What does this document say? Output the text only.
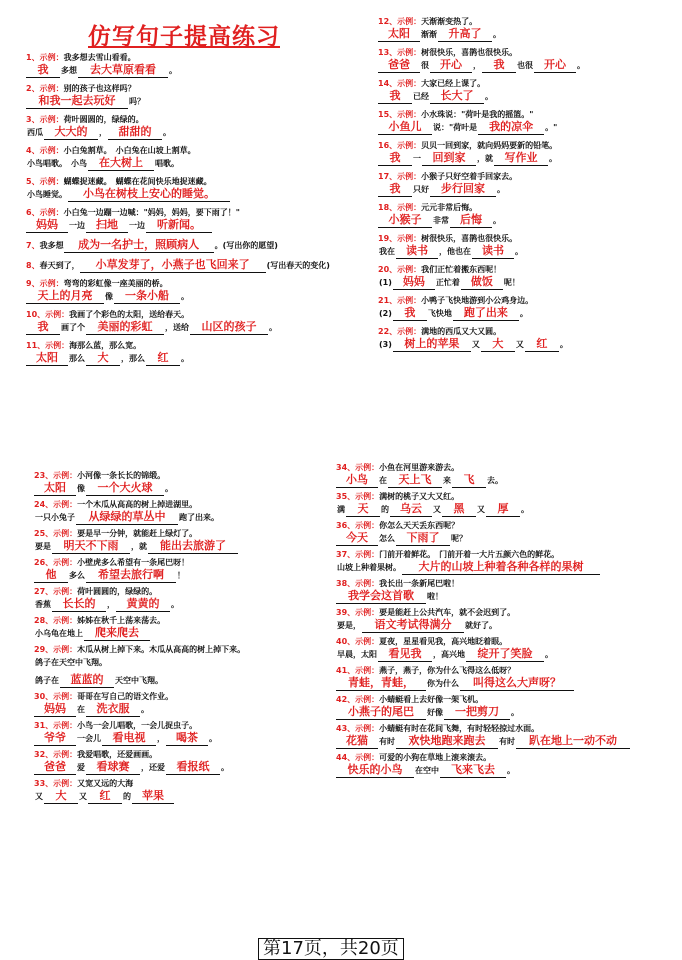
仿写句子提高练习
1、示例：我多想去雪山看看。
我 多想 去大草原看看 。
2、示例：别的孩子也这样吗？
和我一起去玩好 吗？
3、示例：荷叶圆圆的，绿绿的。
西瓜 大大的 ， 甜甜的 。
4、示例：小白兔割草。　小白兔在山坡上割草。
小鸟唱歌。　小鸟 在大树上 唱歌。
5、示例：蝴蝶捉迷藏。　蝴蝶在花间快乐地捉迷藏。
小鸟睡觉。 小鸟在树枝上安心的睡觉。
6、示例：小白兔一边蹦一边喊："妈妈，妈妈，要下雨了！"
妈妈 一边 扫地 一边 听新闻。
7、我多想 成为一名护士，照顾病人 。(写出你的愿望)
8、春天到了， 小草发芽了，小燕子也飞回来了 (写出春天的变化)
9、示例：弯弯的彩虹像一座美丽的桥。
天上的月亮 像 一条小船 。
10、示例：我画了个彩色的太阳，送给春天。
我 画了个 美丽的彩虹 ，送给 山区的孩子 。
11、示例：海那么蓝，那么宽。
太阳 那么 大 ，那么 红 。
12、示例：天渐渐变热了。
太阳 渐渐 升高了 。
13、示例：树很快乐，喜鹊也很快乐。
爸爸 很 开心 ， 我 也很 开心 。
14、示例：大家已经上课了。
我 已经 长大了 。
15、示例：小水珠说："荷叶是我的摇篮。"
小鱼儿 说："荷叶是 我的凉伞 。"
16、示例：贝贝一回到家，就向妈妈要新的铅笔。
我 一 回到家 ，就 写作业 。
17、示例：小猴子只好空着手回家去。
我 只好 步行回家 。
18、示例：元元非常后悔。
小猴子 非常 后悔 。
19、示例：树很快乐，喜鹊也很快乐。
我在 读书 ，他也在 读书 。
20、示例：我们正忙着搬东西呢！
(1) 妈妈 正忙着 做饭 呢！
21、示例：小鸭子飞快地游到小公鸡身边。
(2) 我 飞快地 跑了出来 。
22、示例：满地的西瓜又大又圆。
(3) 树上的苹果 又 大 又 红 。
23、示例：小河像一条长长的锦缎。
太阳 像 一个大火球 。
24、示例：一个木瓜从高高的树上掉进湖里。
一只小兔子 从绿绿的草丛中 跑了出来。
25、示例：要是早一分钟，就能赶上绿灯了。
要是 明天不下雨 ，就 能出去旅游了
26、示例：小壁虎多么希望有一条尾巴呀！
他 多么 希望去旅行啊 ！
27、示例：荷叶圆圆的，绿绿的。
香蕉 长长的 ， 黄黄的 。
28、示例：姊姊在秋千上荡来荡去。
小乌龟在地上 爬来爬去
29、示例：木瓜从树上掉下来。木瓜从高高的树上掉下来。
鸽子在天空中飞翔。
鸽子在 蓝蓝的 天空中飞翔。
30、示例：哥哥在写自己的语文作业。
妈妈 在 洗衣服 。
31、示例：小鸟一会儿唱歌，一会儿捉虫子。
爷爷 一会儿 看电视 ， 喝茶 。
32、示例：我爱唱歌，还爱画画。
爸爸 爱 看球赛 ，还爱 看报纸 。
33、示例：又宽又远的大海
又 大 又 红 的 苹果
34、示例：小鱼在河里游来游去。
小鸟 在 天上飞 来 飞 去。
35、示例：满树的桃子又大又红。
满 天 的 乌云 又 黑 又 厚 。
36、示例：你怎么天天丢东西呢？
今天 怎么 下雨了 呢？
37、示例：门前开着鲜花。　门前开着一大片五颜六色的鲜花。
山坡上种着果树。 大片的山坡上种着各种各样的果树
38、示例：我长出一条新尾巴啦！
我学会这首歌 啦！
39、示例：要是能赶上公共汽车，就不会迟到了。
要是， 语文考试得满分 就好了。
40、示例：夏夜，星星看见我，高兴地眨着眼。
早晨，太阳 看见我 ，高兴地 绽开了笑脸 。
41、示例：燕子，燕子，你为什么飞得这么低呀？
青蛙，青蛙， 你为什么 叫得这么大声呀？
42、示例：小蜻蜓看上去好像一架飞机。
小燕子的尾巴 好像 一把剪刀 。
43、示例：小蜻蜓有时在花间飞舞，有时轻轻掠过水面。
花猫 有时 欢快地跑来跑去 有时 趴在地上一动不动
44、示例：可爱的小狗在草地上滚来滚去。
快乐的小鸟 在空中 飞来飞去 。
第17页，共20页
